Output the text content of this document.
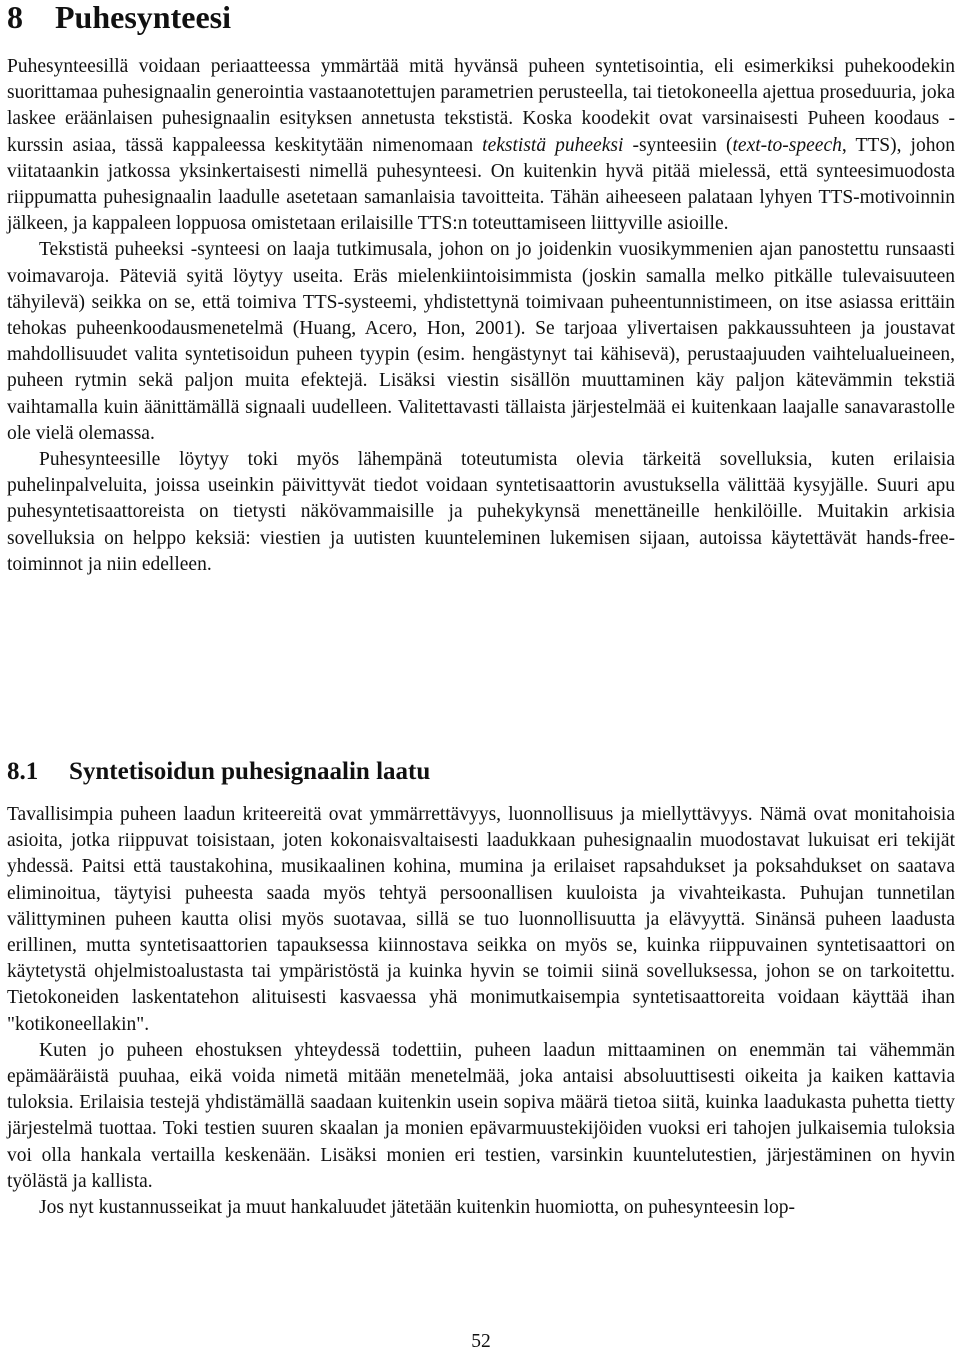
8 Puhesynteesi

Puhesynteesillä voidaan periaatteessa ymmärtää mitä hyvänsä puheen syntetisointia, eli esimerkiksi puhekoodekin suorittamaa puhesignaalin generointia vastaanotettujen parametrien perusteella, tai tietokoneella ajettua proseduuria, joka laskee eräänlaisen puhesignaalin esityksen annetusta tekstistä. Koska koodekit ovat varsinaisesti Puheen koodaus -kurssin asiaa, tässä kappaleessa keskitytään nimenomaan tekstistä puheeksi -synteesiin (text-to-speech, TTS), johon viitataankin jatkossa yksinkertaisesti nimellä puhesynteesi. On kuitenkin hyvä pitää mielessä, että synteesimuodosta riippumatta puhesignaalin laadulle asetetaan samanlaisia tavoitteita. Tähän aiheeseen palataan lyhyen TTS-motivoinnin jälkeen, ja kappaleen loppuosa omistetaan erilaisille TTS:n toteuttamiseen liittyville asioille.

Tekstistä puheeksi -synteesi on laaja tutkimusala, johon on jo joidenkin vuosikymmenien ajan panostettu runsaasti voimavaroja. Päteviä syitä löytyy useita. Eräs mielenkiintoisimmista (joskin samalla melko pitkälle tulevaisuuteen tähyilevä) seikka on se, että toimiva TTS-systeemi, yhdistettynä toimivaan puheentunnistimeen, on itse asiassa erittäin tehokas puheenkoodausmenetelmä (Huang, Acero, Hon, 2001). Se tarjoaa ylivertaisen pakkaussuhteen ja joustavat mahdollisuudet valita syntetisoidun puheen tyypin (esim. hengästynyt tai kähisevä), perustaajuuden vaihtelualueineen, puheen rytmin sekä paljon muita efektejä. Lisäksi viestin sisällön muuttaminen käy paljon kätevämmin tekstiä vaihtamalla kuin äänittämällä signaali uudelleen. Valitettavasti tällaista järjestelmää ei kuitenkaan laajalle sanavarastolle ole vielä olemassa.

Puhesynteesille löytyy toki myös lähempänä toteutumista olevia tärkeitä sovelluksia, kuten erilaisia puhelinpalveluita, joissa useinkin päivittyvät tiedot voidaan syntetisaattorin avustuksella välittää kysyjälle. Suuri apu puhesyntetisaattoreista on tietysti näkövammaisille ja puhekykynsä menettäneille henkilöille. Muitakin arkisia sovelluksia on helppo keksiä: viestien ja uutisten kuunteleminen lukemisen sijaan, autoissa käytettävät hands-free-toiminnot ja niin edelleen.

8.1 Syntetisoidun puhesignaalin laatu

Tavallisimpia puheen laadun kriteereitä ovat ymmärrettävyys, luonnollisuus ja miellyttävyys. Nämä ovat monitahoisia asioita, jotka riippuvat toisistaan, joten kokonaisvaltaisesti laadukkaan puhesignaalin muodostavat lukuisat eri tekijät yhdessä. Paitsi että taustakohina, musikaalinen kohina, mumina ja erilaiset rapsahdukset ja poksahdukset on saatava eliminoitua, täytyisi puheesta saada myös tehtyä persoonallisen kuuloista ja vivahteikasta. Puhujan tunnetilan välittyminen puheen kautta olisi myös suotavaa, sillä se tuo luonnollisuutta ja elävyyttä. Sinänsä puheen laadusta erillinen, mutta syntetisaattorien tapauksessa kiinnostava seikka on myös se, kuinka riippuvainen syntetisaattori on käytetystä ohjelmistoalustasta tai ympäristöstä ja kuinka hyvin se toimii siinä sovelluksessa, johon se on tarkoitettu. Tietokoneiden laskentatehon alituisesti kasvaessa yhä monimutkaisempia syntetisaattoreita voidaan käyttää ihan "kotikoneellakin".

Kuten jo puheen ehostuksen yhteydessä todettiin, puheen laadun mittaaminen on enemmän tai vähemmän epämääräistä puuhaa, eikä voida nimetä mitään menetelmää, joka antaisi absoluuttisesti oikeita ja kaiken kattavia tuloksia. Erilaisia testejä yhdistämällä saadaan kuitenkin usein sopiva määrä tietoa siitä, kuinka laadukasta puhetta tietty järjestelmä tuottaa. Toki testien suuren skaalan ja monien epävarmuustekijöiden vuoksi eri tahojen julkaisemia tuloksia voi olla hankala vertailla keskenään. Lisäksi monien eri testien, varsinkin kuuntelutestien, järjestäminen on hyvin työlästä ja kallista.

Jos nyt kustannusseikat ja muut hankaluudet jätetään kuitenkin huomiotta, on puhesynteesin lop-

52
